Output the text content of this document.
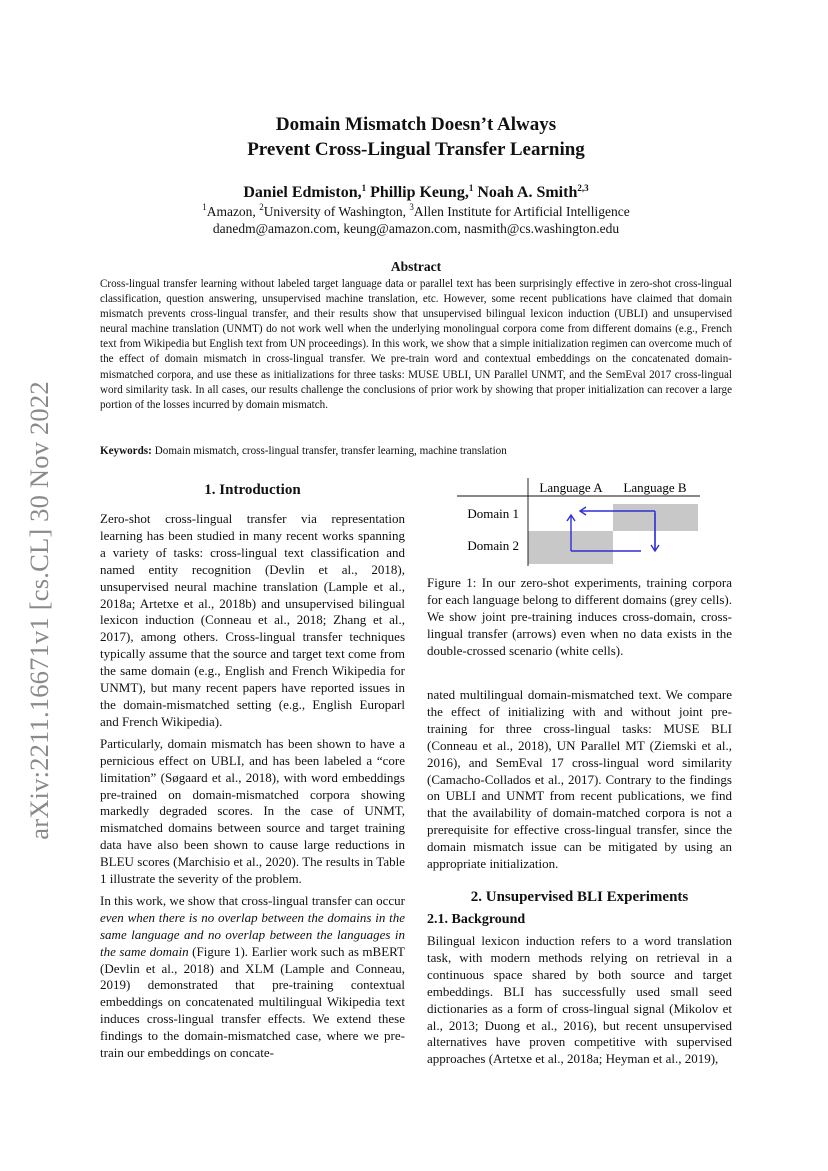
arXiv:2211.16671v1 [cs.CL] 30 Nov 2022
Domain Mismatch Doesn’t Always
Prevent Cross-Lingual Transfer Learning
Daniel Edmiston,$^1$ Phillip Keung,$^1$ Noah A. Smith$^{2,3}$
$^1$Amazon, $^2$University of Washington, $^3$Allen Institute for Artificial Intelligence
danedm@amazon.com, keung@amazon.com, nasmith@cs.washington.edu
Abstract

Cross-lingual transfer learning without labeled target language data or parallel text has been surprisingly effective in zero-shot cross-lingual classification, question answering, unsupervised machine translation, etc. However, some recent publications have claimed that domain mismatch prevents cross-lingual transfer, and their results show that unsupervised bilingual lexicon induction (UBLI) and unsupervised neural machine translation (UNMT) do not work well when the underlying monolingual corpora come from different domains (e.g., French text from Wikipedia but English text from UN proceedings). In this work, we show that a simple initialization regimen can overcome much of the effect of domain mismatch in cross-lingual transfer. We pre-train word and contextual embeddings on the concatenated domain-mismatched corpora, and use these as initializations for three tasks: MUSE UBLI, UN Parallel UNMT, and the SemEval 2017 cross-lingual word similarity task. In all cases, our results challenge the conclusions of prior work by showing that proper initialization can recover a large portion of the losses incurred by domain mismatch.

Keywords: Domain mismatch, cross-lingual transfer, transfer learning, machine translation
1. Introduction

Zero-shot cross-lingual transfer via representation learning has been studied in many recent works spanning a variety of tasks: cross-lingual text classification and named entity recognition (Devlin et al., 2018), unsupervised neural machine translation (Lample et al., 2018a; Artetxe et al., 2018b) and unsupervised bilingual lexicon induction (Conneau et al., 2018; Zhang et al., 2017), among others. Cross-lingual transfer techniques typically assume that the source and target text come from the same domain (e.g., English and French Wikipedia for UNMT), but many recent papers have reported issues in the domain-mismatched setting (e.g., English Europarl and French Wikipedia).

Particularly, domain mismatch has been shown to have a pernicious effect on UBLI, and has been labeled a “core limitation” (Søgaard et al., 2018), with word embeddings pre-trained on domain-mismatched corpora showing markedly degraded scores. In the case of UNMT, mismatched domains between source and target training data have also been shown to cause large reductions in BLEU scores (Marchisio et al., 2020). The results in Table 1 illustrate the severity of the problem.

In this work, we show that cross-lingual transfer can occur even when there is no overlap between the domains in the same language and no overlap between the languages in the same domain (Figure 1). Earlier work such as mBERT (Devlin et al., 2018) and XLM (Lample and Conneau, 2019) demonstrated that pre-training contextual embeddings on concatenated multilingual Wikipedia text induces cross-lingual transfer effects. We extend these findings to the domain-mismatched case, where we pre-train our embeddings on concate-

Language A Language B
Domain 1
Domain 2
Figure 1: In our zero-shot experiments, training corpora for each language belong to different domains (grey cells). We show joint pre-training induces cross-domain, cross-lingual transfer (arrows) even when no data exists in the double-crossed scenario (white cells).

nated multilingual domain-mismatched text. We compare the effect of initializing with and without joint pre-training for three cross-lingual tasks: MUSE BLI (Conneau et al., 2018), UN Parallel MT (Ziemski et al., 2016), and SemEval 17 cross-lingual word similarity (Camacho-Collados et al., 2017). Contrary to the findings on UBLI and UNMT from recent publications, we find that the availability of domain-matched corpora is not a prerequisite for effective cross-lingual transfer, since the domain mismatch issue can be mitigated by using an appropriate initialization.

2. Unsupervised BLI Experiments
2.1. Background

Bilingual lexicon induction refers to a word translation task, with modern methods relying on retrieval in a continuous space shared by both source and target embeddings. BLI has successfully used small seed dictionaries as a form of cross-lingual signal (Mikolov et al., 2013; Duong et al., 2016), but recent unsupervised alternatives have proven competitive with supervised approaches (Artetxe et al., 2018a; Heyman et al., 2019),
